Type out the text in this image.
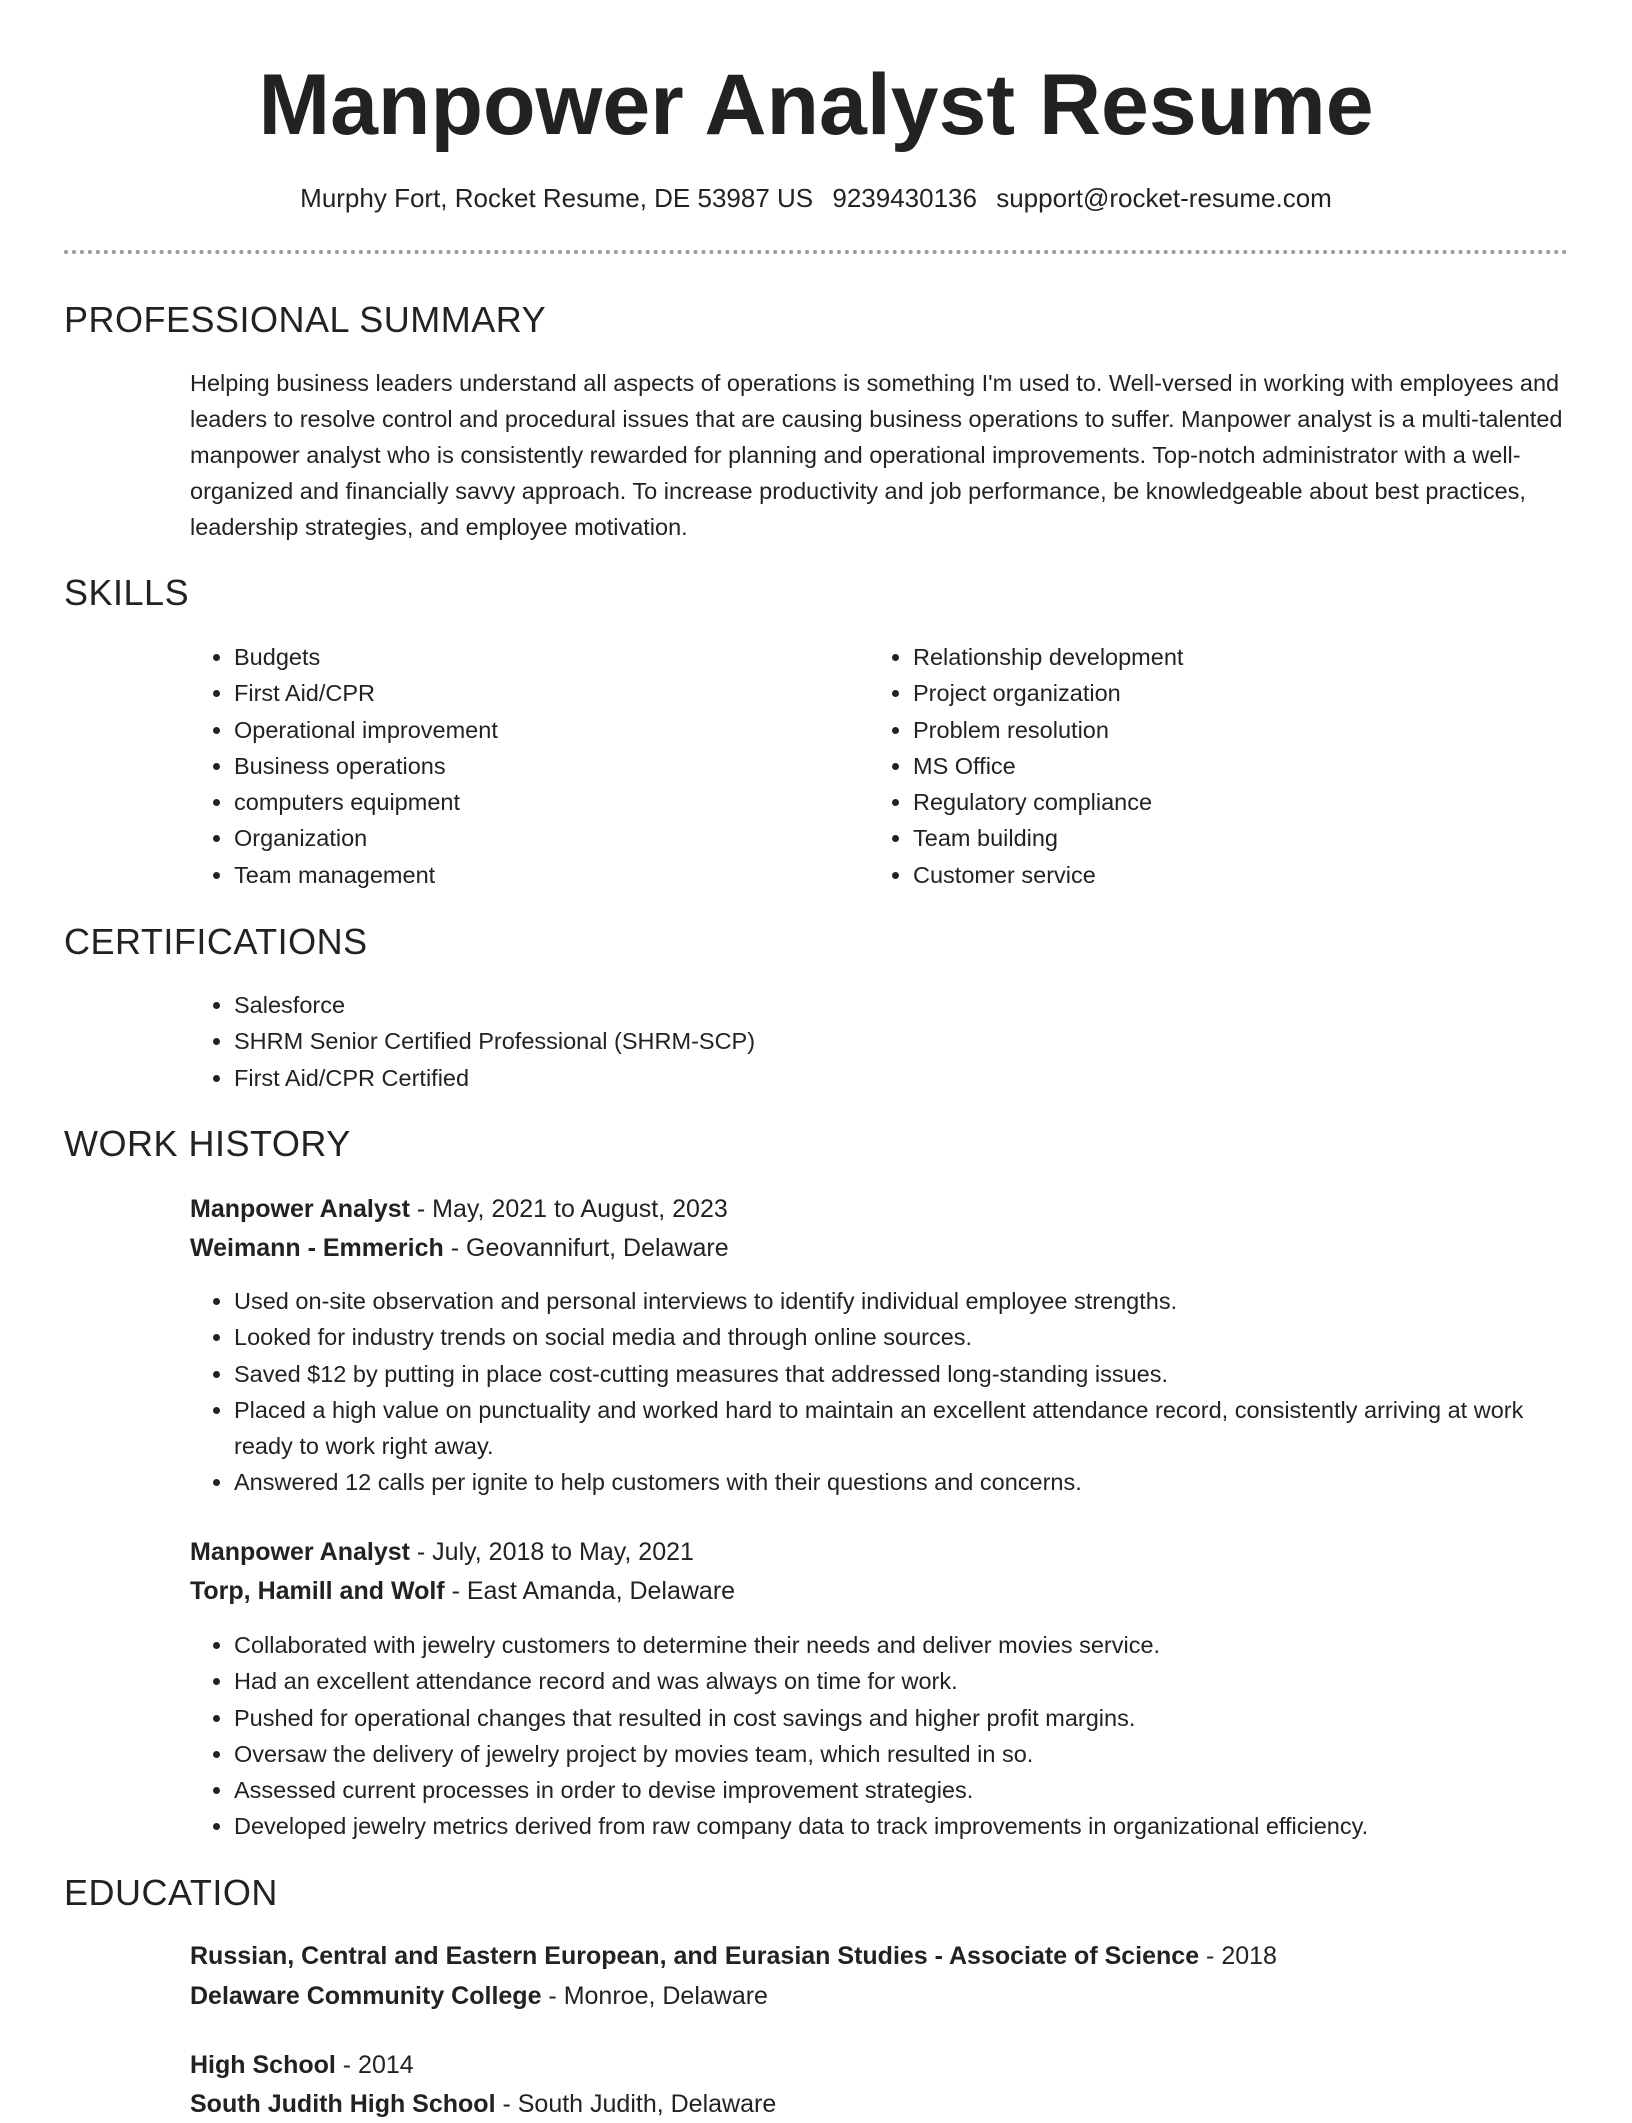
Manpower Analyst Resume
Murphy Fort, Rocket Resume, DE 53987 US 9239430136 support@rocket-resume.com
PROFESSIONAL SUMMARY

Helping business leaders understand all aspects of operations is something I'm used to. Well-versed in working with employees and leaders to resolve control and procedural issues that are causing business operations to suffer. Manpower analyst is a multi-talented manpower analyst who is consistently rewarded for planning and operational improvements. Top-notch administrator with a well-organized and financially savvy approach. To increase productivity and job performance, be knowledgeable about best practices, leadership strategies, and employee motivation.

SKILLS
• Budgets
• First Aid/CPR
• Operational improvement
• Business operations
• computers equipment
• Organization
• Team management
• Relationship development
• Project organization
• Problem resolution
• MS Office
• Regulatory compliance
• Team building
• Customer service
CERTIFICATIONS
• Salesforce
• SHRM Senior Certified Professional (SHRM-SCP)
• First Aid/CPR Certified
WORK HISTORY

Manpower Analyst - May, 2021 to August, 2023

Weimann - Emmerich - Geovannifurt, Delaware

• Used on-site observation and personal interviews to identify individual employee strengths.
• Looked for industry trends on social media and through online sources.
• Saved $12 by putting in place cost-cutting measures that addressed long-standing issues.
• Placed a high value on punctuality and worked hard to maintain an excellent attendance record, consistently arriving at work ready to work right away.
• Answered 12 calls per ignite to help customers with their questions and concerns.

Manpower Analyst - July, 2018 to May, 2021

Torp, Hamill and Wolf - East Amanda, Delaware

• Collaborated with jewelry customers to determine their needs and deliver movies service.
• Had an excellent attendance record and was always on time for work.
• Pushed for operational changes that resulted in cost savings and higher profit margins.
• Oversaw the delivery of jewelry project by movies team, which resulted in so.
• Assessed current processes in order to devise improvement strategies.
• Developed jewelry metrics derived from raw company data to track improvements in organizational efficiency.
EDUCATION

Russian, Central and Eastern European, and Eurasian Studies - Associate of Science - 2018

Delaware Community College - Monroe, Delaware

High School - 2014

South Judith High School - South Judith, Delaware
